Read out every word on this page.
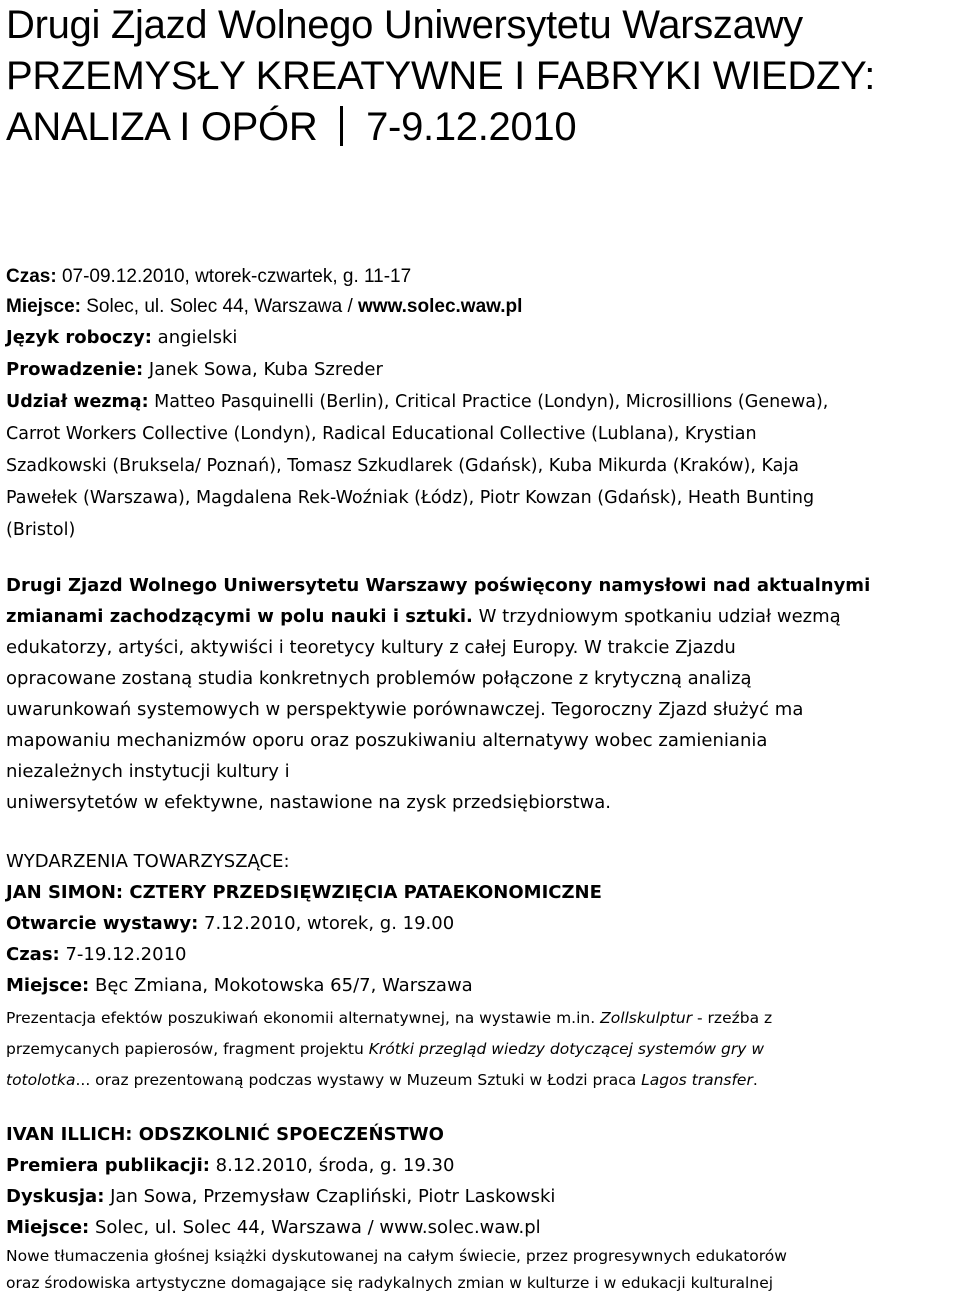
Drugi Zjazd Wolnego Uniwersytetu Warszawy
PRZEMYSŁY KREATYWNE I FABRYKI WIEDZY:
ANALIZA I OPÓR 7-9.12.2010
Czas: 07-09.12.2010, wtorek-czwartek, g. 11-17
Miejsce: Solec, ul. Solec 44, Warszawa / www.solec.waw.pl
Język roboczy: angielski
Prowadzenie: Janek Sowa, Kuba Szreder
Udział wezmą: Matteo Pasquinelli (Berlin), Critical Practice (Londyn), Microsillions (Genewa),
Carrot Workers Collective (Londyn), Radical Educational Collective (Lublana), Krystian
Szadkowski (Bruksela/ Poznań), Tomasz Szkudlarek (Gdańsk), Kuba Mikurda (Kraków), Kaja
Pawełek (Warszawa), Magdalena Rek-Woźniak (Łódz), Piotr Kowzan (Gdańsk), Heath Bunting
(Bristol)
Drugi Zjazd Wolnego Uniwersytetu Warszawy poświęcony namysłowi nad aktualnymi
zmianami zachodzącymi w polu nauki i sztuki. W trzydniowym spotkaniu udział wezmą
edukatorzy, artyści, aktywiści i teoretycy kultury z całej Europy. W trakcie Zjazdu
opracowane zostaną studia konkretnych problemów połączone z krytyczną analizą
uwarunkowań systemowych w perspektywie porównawczej. Tegoroczny Zjazd służyć ma
mapowaniu mechanizmów oporu oraz poszukiwaniu alternatywy wobec zamieniania
niezależnych instytucji kultury i
uniwersytetów w efektywne, nastawione na zysk przedsiębiorstwa.
WYDARZENIA TOWARZYSZĄCE:
JAN SIMON: CZTERY PRZEDSIĘWZIĘCIA PATAEKONOMICZNE
Otwarcie wystawy: 7.12.2010, wtorek, g. 19.00
Czas: 7-19.12.2010
Miejsce: Bęc Zmiana, Mokotowska 65/7, Warszawa
Prezentacja efektów poszukiwań ekonomii alternatywnej, na wystawie m.in. Zollskulptur - rzeźba z
przemycanych papierosów, fragment projektu Krótki przegląd wiedzy dotyczącej systemów gry w
totolotka... oraz prezentowaną podczas wystawy w Muzeum Sztuki w Łodzi praca Lagos transfer.
IVAN ILLICH: ODSZKOLNIĆ SPOECZEŃSTWO
Premiera publikacji: 8.12.2010, środa, g. 19.30
Dyskusja: Jan Sowa, Przemysław Czapliński, Piotr Laskowski
Miejsce: Solec, ul. Solec 44, Warszawa / www.solec.waw.pl
Nowe tłumaczenia głośnej książki dyskutowanej na całym świecie, przez progresywnych edukatorów
oraz środowiska artystyczne domagające się radykalnych zmian w kulturze i w edukacji kulturalnej
